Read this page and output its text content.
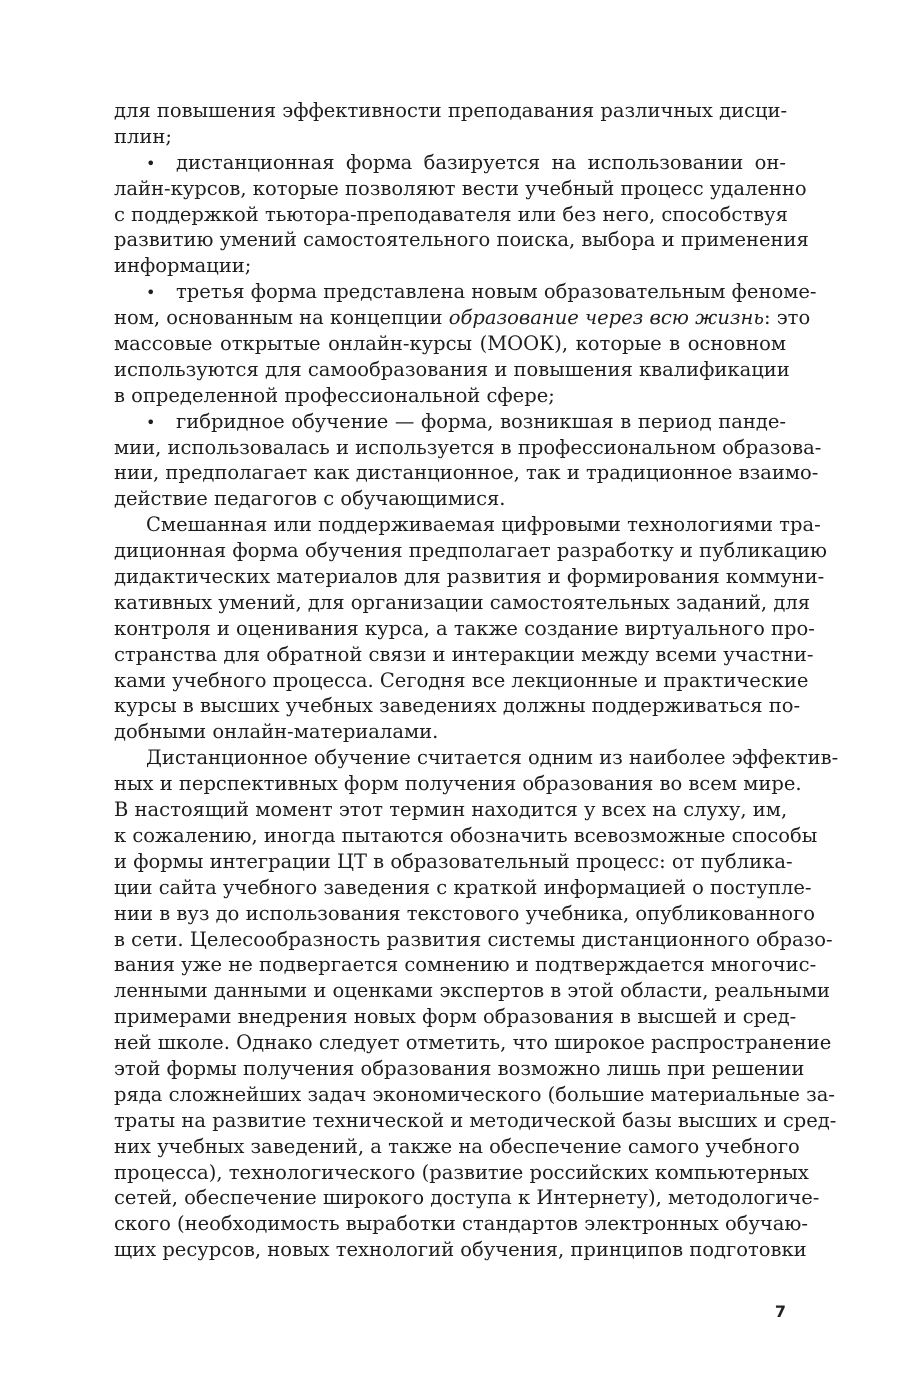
для повышения эффективности преподавания различных дисци-
плин;
• дистанционная форма базируется на использовании он-
лайн-курсов, которые позволяют вести учебный процесс удаленно
с поддержкой тьютора-преподавателя или без него, способствуя
развитию умений самостоятельного поиска, выбора и применения
информации;
• третья форма представлена новым образовательным феноме-
ном, основанным на концепции образование через всю жизнь: это
массовые открытые онлайн-курсы (МООК), которые в основном
используются для самообразования и повышения квалификации
в определенной профессиональной сфере;
• гибридное обучение — форма, возникшая в период панде-
мии, использовалась и используется в профессиональном образова-
нии, предполагает как дистанционное, так и традиционное взаимо-
действие педагогов с обучающимися.
Смешанная или поддерживаемая цифровыми технологиями тра-
диционная форма обучения предполагает разработку и публикацию
дидактических материалов для развития и формирования коммуни-
кативных умений, для организации самостоятельных заданий, для
контроля и оценивания курса, а также создание виртуального про-
странства для обратной связи и интеракции между всеми участни-
ками учебного процесса. Сегодня все лекционные и практические
курсы в высших учебных заведениях должны поддерживаться по-
добными онлайн-материалами.
Дистанционное обучение считается одним из наиболее эффектив-
ных и перспективных форм получения образования во всем мире.
В настоящий момент этот термин находится у всех на слуху, им,
к сожалению, иногда пытаются обозначить всевозможные способы
и формы интеграции ЦТ в образовательный процесс: от публика-
ции сайта учебного заведения с краткой информацией о поступле-
нии в вуз до использования текстового учебника, опубликованного
в сети. Целесообразность развития системы дистанционного образо-
вания уже не подвергается сомнению и подтверждается многочис-
ленными данными и оценками экспертов в этой области, реальными
примерами внедрения новых форм образования в высшей и сред-
ней школе. Однако следует отметить, что широкое распространение
этой формы получения образования возможно лишь при решении
ряда сложнейших задач экономического (большие материальные за-
траты на развитие технической и методической базы высших и сред-
них учебных заведений, а также на обеспечение самого учебного
процесса), технологического (развитие российских компьютерных
сетей, обеспечение широкого доступа к Интернету), методологиче-
ского (необходимость выработки стандартов электронных обучаю-
щих ресурсов, новых технологий обучения, принципов подготовки
7
